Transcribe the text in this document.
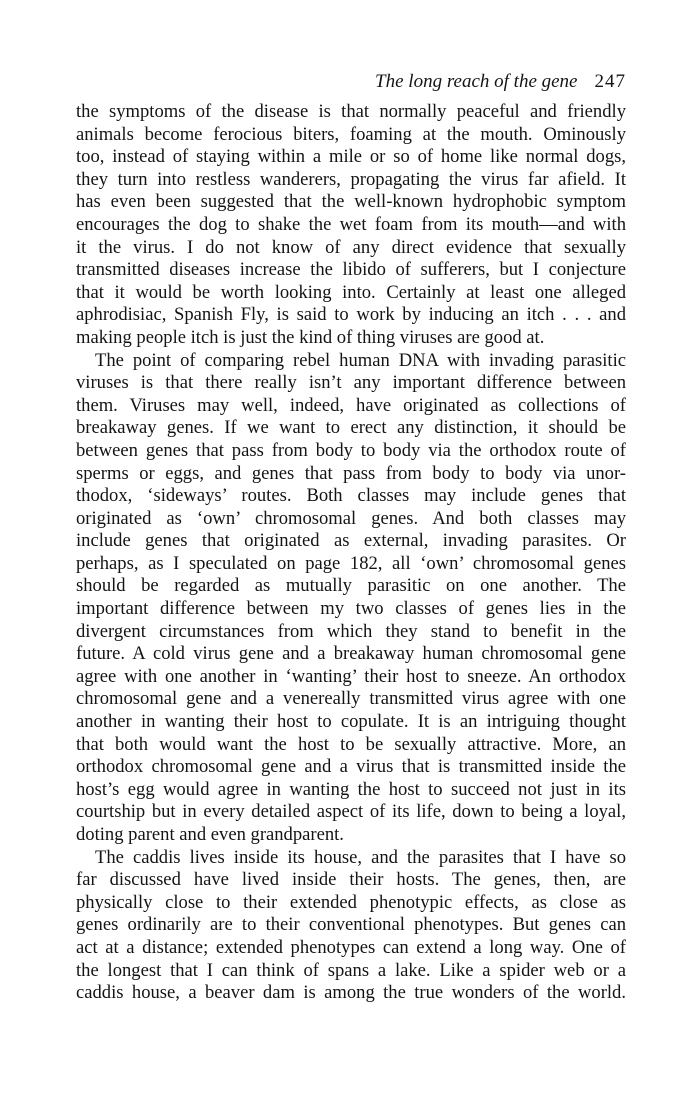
The long reach of the gene 247
the symptoms of the disease is that normally peaceful and friendly
animals become ferocious biters, foaming at the mouth. Ominously
too, instead of staying within a mile or so of home like normal dogs,
they turn into restless wanderers, propagating the virus far afield. It
has even been suggested that the well-known hydrophobic symptom
encourages the dog to shake the wet foam from its mouth—and with
it the virus. I do not know of any direct evidence that sexually
transmitted diseases increase the libido of sufferers, but I conjecture
that it would be worth looking into. Certainly at least one alleged
aphrodisiac, Spanish Fly, is said to work by inducing an itch . . . and
making people itch is just the kind of thing viruses are good at.
The point of comparing rebel human DNA with invading parasitic
viruses is that there really isn’t any important difference between
them. Viruses may well, indeed, have originated as collections of
breakaway genes. If we want to erect any distinction, it should be
between genes that pass from body to body via the orthodox route of
sperms or eggs, and genes that pass from body to body via unor-
thodox, ‘sideways’ routes. Both classes may include genes that
originated as ‘own’ chromosomal genes. And both classes may
include genes that originated as external, invading parasites. Or
perhaps, as I speculated on page 182, all ‘own’ chromosomal genes
should be regarded as mutually parasitic on one another. The
important difference between my two classes of genes lies in the
divergent circumstances from which they stand to benefit in the
future. A cold virus gene and a breakaway human chromosomal gene
agree with one another in ‘wanting’ their host to sneeze. An orthodox
chromosomal gene and a venereally transmitted virus agree with one
another in wanting their host to copulate. It is an intriguing thought
that both would want the host to be sexually attractive. More, an
orthodox chromosomal gene and a virus that is transmitted inside the
host’s egg would agree in wanting the host to succeed not just in its
courtship but in every detailed aspect of its life, down to being a loyal,
doting parent and even grandparent.
The caddis lives inside its house, and the parasites that I have so
far discussed have lived inside their hosts. The genes, then, are
physically close to their extended phenotypic effects, as close as
genes ordinarily are to their conventional phenotypes. But genes can
act at a distance; extended phenotypes can extend a long way. One of
the longest that I can think of spans a lake. Like a spider web or a
caddis house, a beaver dam is among the true wonders of the world.
